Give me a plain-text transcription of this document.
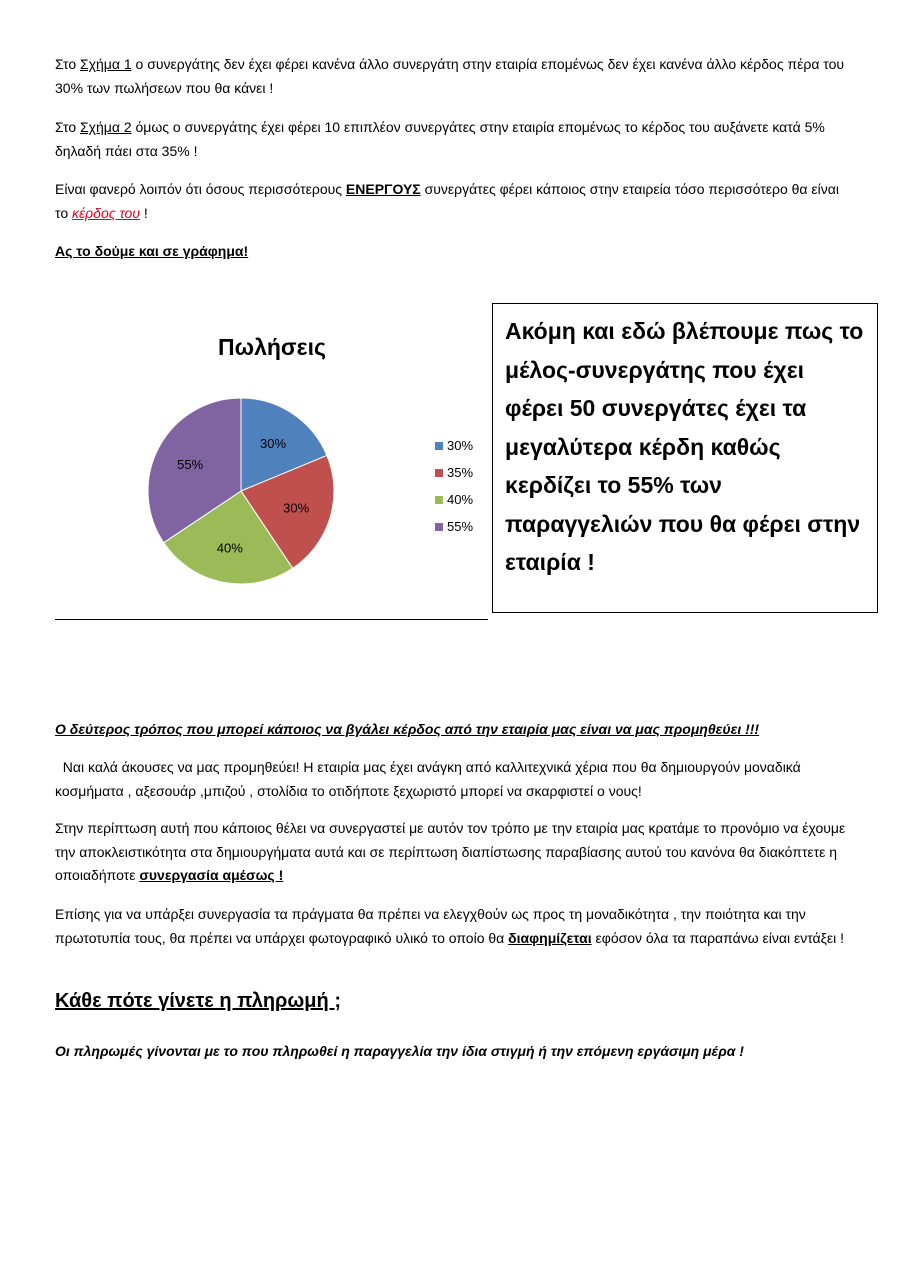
Στο Σχήμα 1 ο συνεργάτης δεν έχει φέρει κανένα άλλο συνεργάτη στην εταιρία επομένως δεν έχει κανένα άλλο κέρδος πέρα του 30% των πωλήσεων που θα κάνει !

Στο Σχήμα 2 όμως ο συνεργάτης έχει φέρει 10 επιπλέον συνεργάτες στην εταιρία επομένως το κέρδος του αυξάνετε κατά 5% δηλαδή πάει στα 35% !

Είναι φανερό λοιπόν ότι όσους περισσότερους ΕΝΕΡΓΟΥΣ συνεργάτες φέρει κάποιος στην εταιρεία τόσο περισσότερο θα είναι το κέρδος του !

Ας το δούμε και σε γράφημα!

Πωλήσεις
30%
30%
40%
55%
30%
35%
40%
55%
Ακόμη και εδώ βλέπουμε πως το μέλος-συνεργάτης που έχει φέρει 50 συνεργάτες έχει τα μεγαλύτερα κέρδη καθώς κερδίζει το 55% των παραγγελιών που θα φέρει στην εταιρία !

Ο δεύτερος τρόπος που μπορεί κάποιος να βγάλει κέρδος από την εταιρία μας είναι να μας προμηθεύει !!!

Ναι καλά άκουσες να μας προμηθεύει! Η εταιρία μας έχει ανάγκη από καλλιτεχνικά χέρια που θα δημιουργούν μοναδικά κοσμήματα , αξεσουάρ ,μπιζού , στολίδια το οτιδήποτε ξεχωριστό μπορεί να σκαρφιστεί ο νους!

Στην περίπτωση αυτή που κάποιος θέλει να συνεργαστεί με αυτόν τον τρόπο με την εταιρία μας κρατάμε το προνόμιο να έχουμε την αποκλειστικότητα στα δημιουργήματα αυτά και σε περίπτωση διαπίστωσης παραβίασης αυτού του κανόνα θα διακόπτετε η οποιαδήποτε συνεργασία αμέσως !

Επίσης για να υπάρξει συνεργασία τα πράγματα θα πρέπει να ελεγχθούν ως προς τη μοναδικότητα , την ποιότητα και την πρωτοτυπία τους, θα πρέπει να υπάρχει φωτογραφικό υλικό το οποίο θα διαφημίζεται εφόσον όλα τα παραπάνω είναι εντάξει !

Κάθε πότε γίνετε η πληρωμή ;

Οι πληρωμές γίνονται με το που πληρωθεί η παραγγελία την ίδια στιγμή ή την επόμενη εργάσιμη μέρα !
